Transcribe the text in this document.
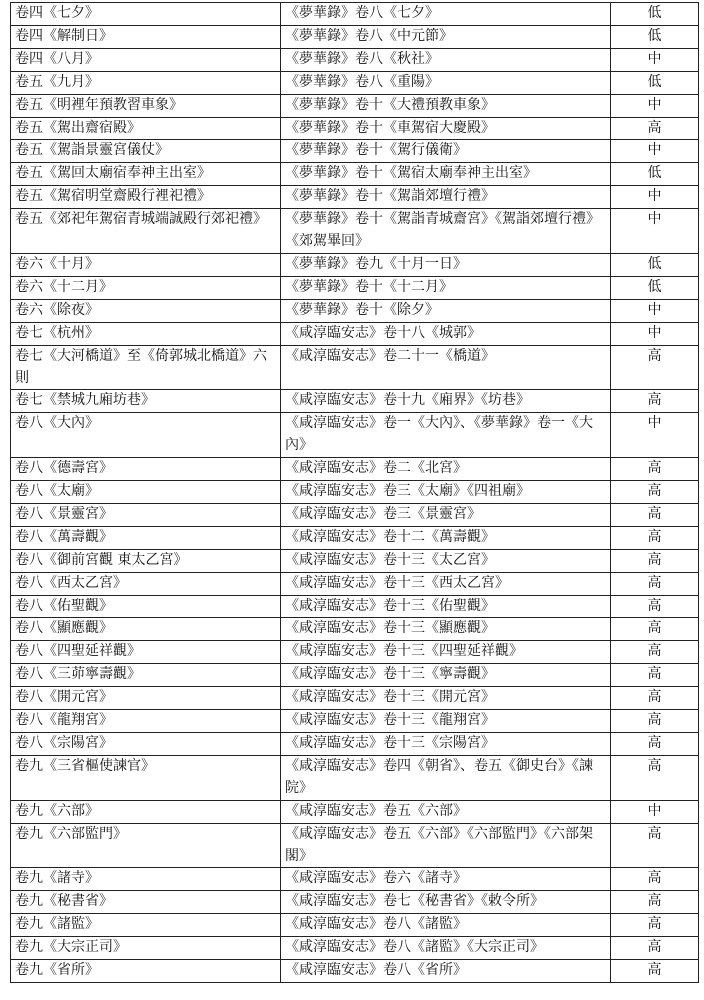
卷四《七夕》	《夢華錄》卷八《七夕》	低
卷四《解制日》	《夢華錄》卷八《中元節》	低
卷四《八月》	《夢華錄》卷八《秋社》	中
卷五《九月》	《夢華錄》卷八《重陽》	低
卷五《明裡年預教習車象》	《夢華錄》卷十《大禮預教車象》	中
卷五《駕出齋宿殿》	《夢華錄》卷十《車駕宿大慶殿》	高
卷五《駕詣景靈宮儀仗》	《夢華錄》卷十《駕行儀衛》	中
卷五《駕回太廟宿奉神主出室》	《夢華錄》卷十《駕宿太廟奉神主出室》	低
卷五《駕宿明堂齋殿行裡祀禮》	《夢華錄》卷十《駕詣郊壇行禮》	中
卷五《郊祀年駕宿青城端誠殿行郊祀禮》	《夢華錄》卷十《駕詣青城齋宮》《駕詣郊壇行禮》《郊駕畢回》	中
卷六《十月》	《夢華錄》卷九《十月一日》	低
卷六《十二月》	《夢華錄》卷十《十二月》	低
卷六《除夜》	《夢華錄》卷十《除夕》	中
卷七《杭州》	《咸淳臨安志》卷十八《城郭》	中
卷七《大河橋道》至《倚郭城北橋道》六則	《咸淳臨安志》卷二十一《橋道》	高
卷七《禁城九廂坊巷》	《咸淳臨安志》卷十九《廂界》《坊巷》	高
卷八《大內》	《咸淳臨安志》卷一《大內》、《夢華錄》卷一《大內》	中
卷八《德壽宮》	《咸淳臨安志》卷二《北宮》	高
卷八《太廟》	《咸淳臨安志》卷三《太廟》《四祖廟》	高
卷八《景靈宮》	《咸淳臨安志》卷三《景靈宮》	高
卷八《萬壽觀》	《咸淳臨安志》卷十二《萬壽觀》	高
卷八《御前宮觀 東太乙宮》	《咸淳臨安志》卷十三《太乙宮》	高
卷八《西太乙宮》	《咸淳臨安志》卷十三《西太乙宮》	高
卷八《佑聖觀》	《咸淳臨安志》卷十三《佑聖觀》	高
卷八《顯應觀》	《咸淳臨安志》卷十三《顯應觀》	高
卷八《四聖延祥觀》	《咸淳臨安志》卷十三《四聖延祥觀》	高
卷八《三茆寧壽觀》	《咸淳臨安志》卷十三《寧壽觀》	高
卷八《開元宮》	《咸淳臨安志》卷十三《開元宮》	高
卷八《龍翔宮》	《咸淳臨安志》卷十三《龍翔宮》	高
卷八《宗陽宮》	《咸淳臨安志》卷十三《宗陽宮》	高
卷九《三省樞使諫官》	《咸淳臨安志》卷四《朝省》、卷五《御史台》《諫院》	高
卷九《六部》	《咸淳臨安志》卷五《六部》	中
卷九《六部監門》	《咸淳臨安志》卷五《六部》《六部監門》《六部架閣》	高
卷九《諸寺》	《咸淳臨安志》卷六《諸寺》	高
卷九《秘書省》	《咸淳臨安志》卷七《秘書省》《敕令所》	高
卷九《諸監》	《咸淳臨安志》卷八《諸監》	高
卷九《大宗正司》	《咸淳臨安志》卷八《諸監》《大宗正司》	高
卷九《省所》	《咸淳臨安志》卷八《省所》	高
